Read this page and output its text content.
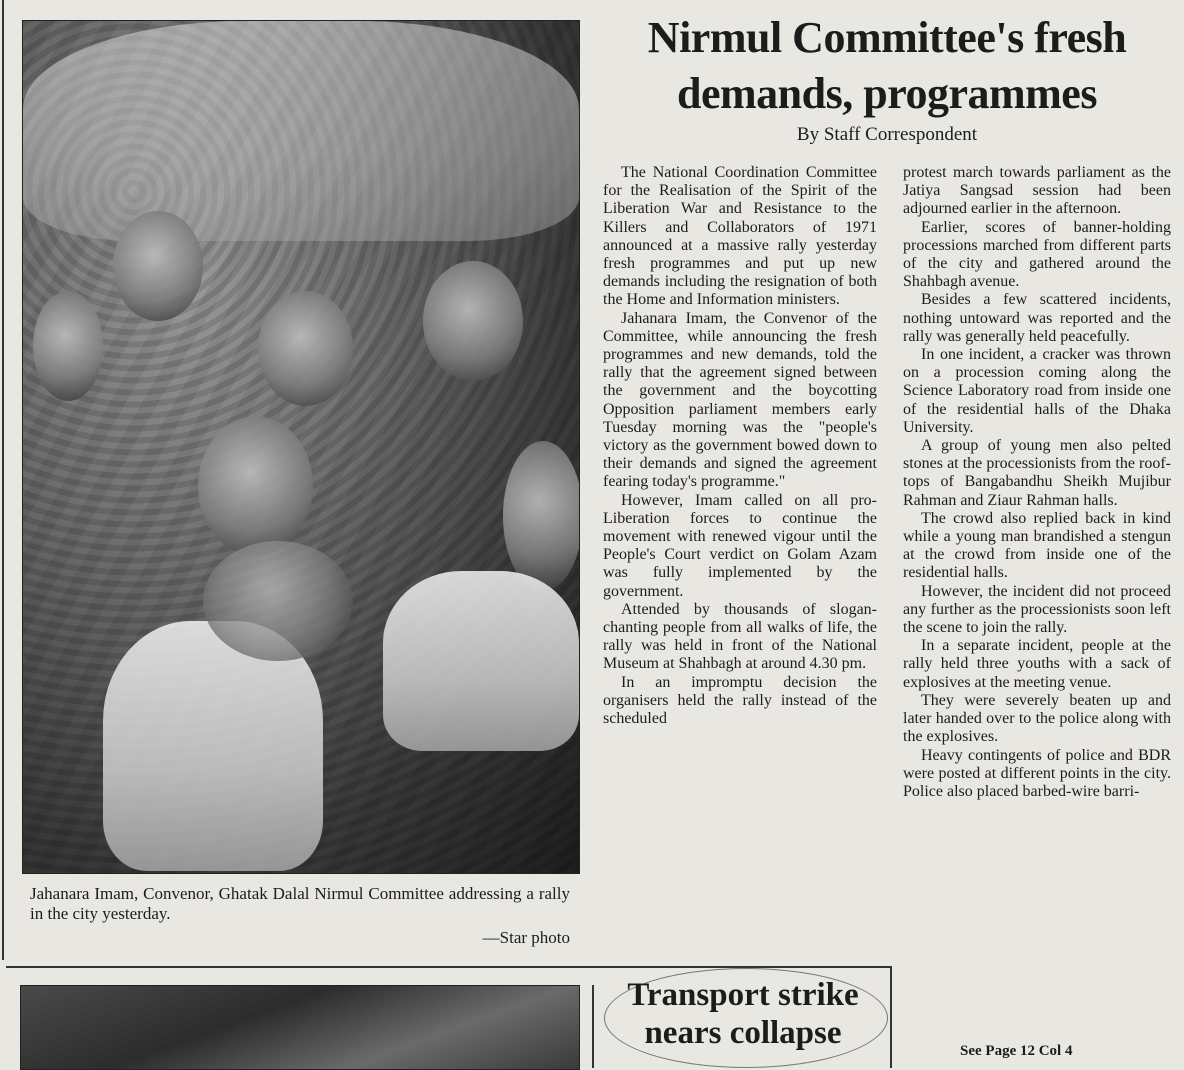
Jahanara Imam, Convenor, Ghatak Dalal Nirmul Committee addressing a rally in the city yesterday.
—Star photo
Nirmul Committee's fresh
demands, programmes
By Staff Correspondent

The National Coordination Committee for the Realisation of the Spirit of the Liberation War and Resistance to the Killers and Collaborators of 1971 announced at a massive rally yesterday fresh programmes and put up new demands including the resignation of both the Home and Information ministers.

Jahanara Imam, the Convenor of the Committee, while announcing the fresh programmes and new demands, told the rally that the agreement signed between the government and the boycotting Opposition parliament members early Tuesday morning was the "people's victory as the government bowed down to their demands and signed the agreement fearing today's programme."

However, Imam called on all pro-Liberation forces to continue the movement with renewed vigour until the People's Court verdict on Golam Azam was fully implemented by the government.

Attended by thousands of slogan-chanting people from all walks of life, the rally was held in front of the National Museum at Shahbagh at around 4.30 pm.

In an impromptu decision the organisers held the rally instead of the scheduled

protest march towards parliament as the Jatiya Sangsad session had been adjourned earlier in the afternoon.

Earlier, scores of banner-holding processions marched from different parts of the city and gathered around the Shahbagh avenue.

Besides a few scattered incidents, nothing untoward was reported and the rally was generally held peacefully.

In one incident, a cracker was thrown on a procession coming along the Science Laboratory road from inside one of the residential halls of the Dhaka University.

A group of young men also pelted stones at the processionists from the roof-tops of Bangabandhu Sheikh Mujibur Rahman and Ziaur Rahman halls.

The crowd also replied back in kind while a young man brandished a stengun at the crowd from inside one of the residential halls.

However, the incident did not proceed any further as the processionists soon left the scene to join the rally.

In a separate incident, people at the rally held three youths with a sack of explosives at the meeting venue.

They were severely beaten up and later handed over to the police along with the explosives.

Heavy contingents of police and BDR were posted at different points in the city. Police also placed barbed-wire barri-

See Page 12 Col 4
Transport strike
nears collapse
